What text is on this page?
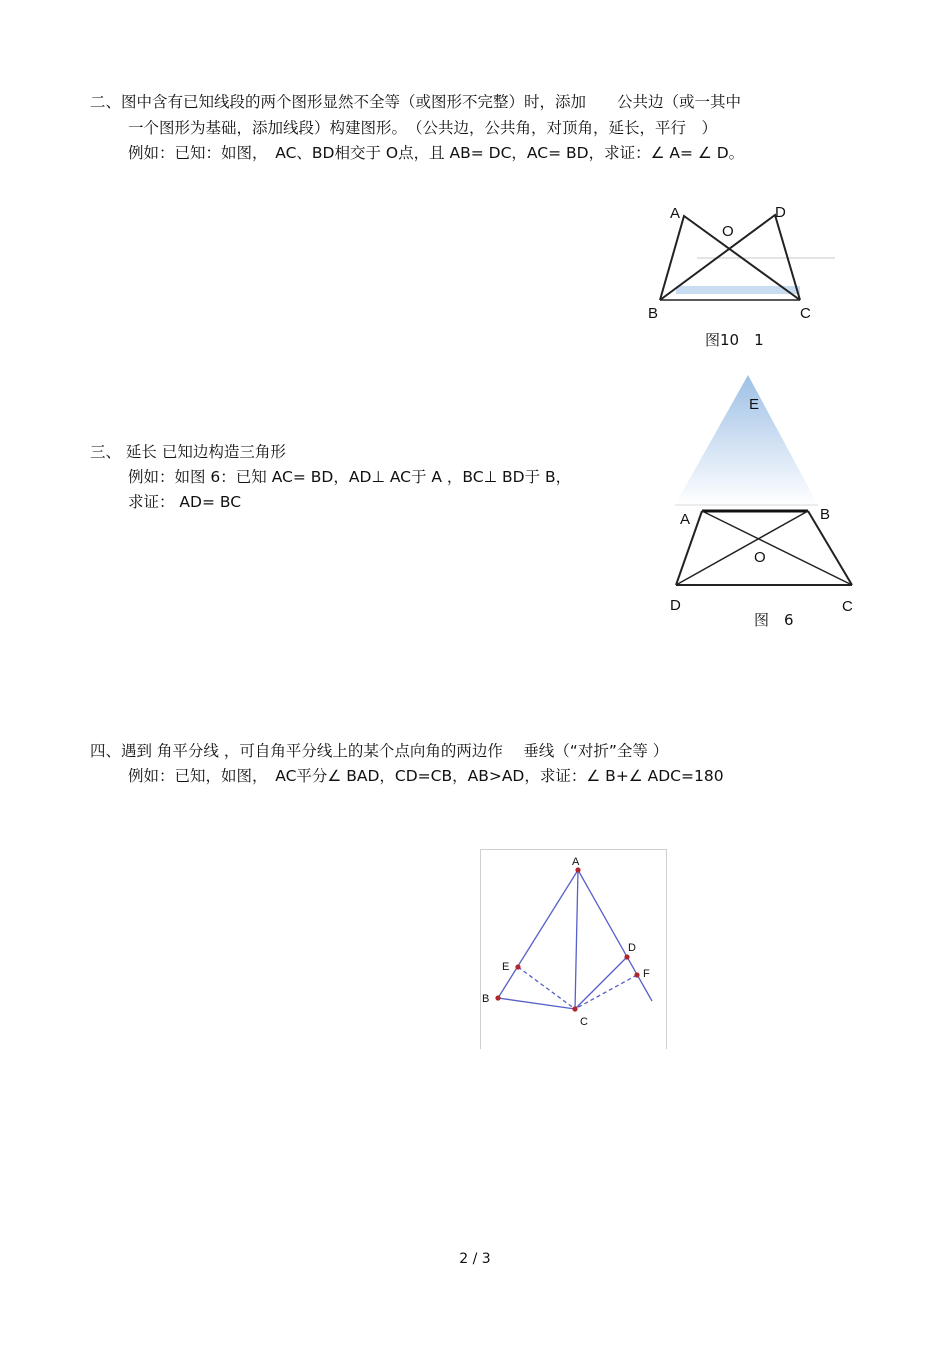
二、图中含有已知线段的两个图形显然不全等（或图形不完整）时，添加　　公共边（或一其中
一个图形为基础，添加线段）构建图形。　（公共边，公共角，对顶角，延长，平行　）
例如：已知：如图，　AC、BD相交于 O点，且 AB= DC，AC= BD，求证：∠ A= ∠ D。
A	D
O
B	C
图10　1
三、 延长 已知边构造三角形
例如：如图 6：已知 AC= BD，AD⊥ AC于 A ，BC⊥ BD于 B，
求证： AD= BC
E
A	B
O
D	C
图　6
四、遇到 角平分线 ，可自角平分线上的某个点向角的两边作　 垂线（“对折”全等 ）
例如：已知，如图，　AC平分∠ BAD，CD=CB，AB>AD，求证：∠ B+∠ ADC=180
A
E
D
F
B
C
2 / 3
